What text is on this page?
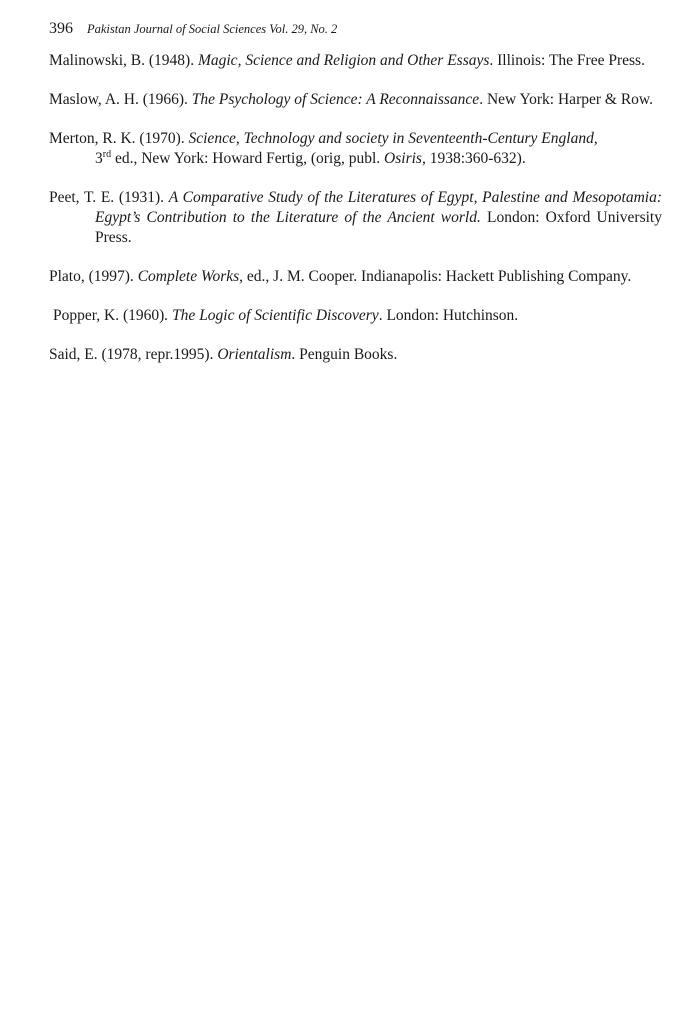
396 Pakistan Journal of Social Sciences Vol. 29, No. 2

Malinowski, B. (1948). Magic, Science and Religion and Other Essays. Illinois: The Free Press.

Maslow, A. H. (1966). The Psychology of Science: A Reconnaissance. New York: Harper & Row.

Merton, R. K. (1970). Science, Technology and society in Seventeenth-Century England,
3rd ed., New York: Howard Fertig, (orig, publ. Osiris, 1938:360-632).

Peet, T. E. (1931). A Comparative Study of the Literatures of Egypt, Palestine and Mesopotamia: Egypt’s Contribution to the Literature of the Ancient world. London: Oxford University Press.

Plato, (1997). Complete Works, ed., J. M. Cooper. Indianapolis: Hackett Publishing Company.

Popper, K. (1960). The Logic of Scientific Discovery. London: Hutchinson.

Said, E. (1978, repr.1995). Orientalism. Penguin Books.
